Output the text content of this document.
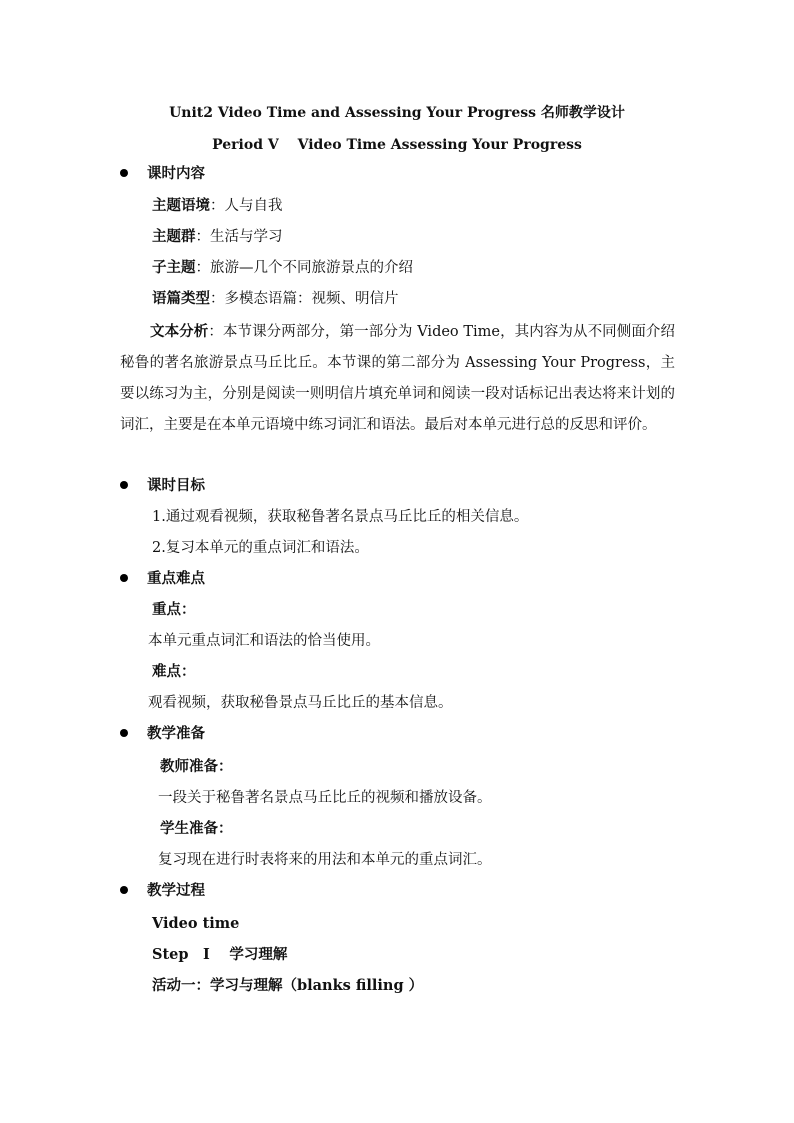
Unit2 Video Time and Assessing Your Progress 名师教学设计
Period Ⅴ　 Video Time Assessing Your Progress
课时内容
主题语境：人与自我
主题群：生活与学习
子主题：旅游—几个不同旅游景点的介绍
语篇类型：多模态语篇：视频、明信片
文本分析：本节课分两部分，第一部分为 Video Time，其内容为从不同侧面介绍秘鲁的著名旅游景点马丘比丘。本节课的第二部分为 Assessing Your Progress，主要以练习为主，分别是阅读一则明信片填充单词和阅读一段对话标记出表达将来计划的词汇，主要是在本单元语境中练习词汇和语法。最后对本单元进行总的反思和评价。
课时目标
1.通过观看视频，获取秘鲁著名景点马丘比丘的相关信息。
2.复习本单元的重点词汇和语法。
重点难点
重点：
本单元重点词汇和语法的恰当使用。
难点：
观看视频，获取秘鲁景点马丘比丘的基本信息。
教学准备
教师准备：
一段关于秘鲁著名景点马丘比丘的视频和播放设备。
学生准备：
复习现在进行时表将来的用法和本单元的重点词汇。
教学过程
Video time
Step　Ⅰ　 学习理解
活动一：学习与理解（blanks filling ）
